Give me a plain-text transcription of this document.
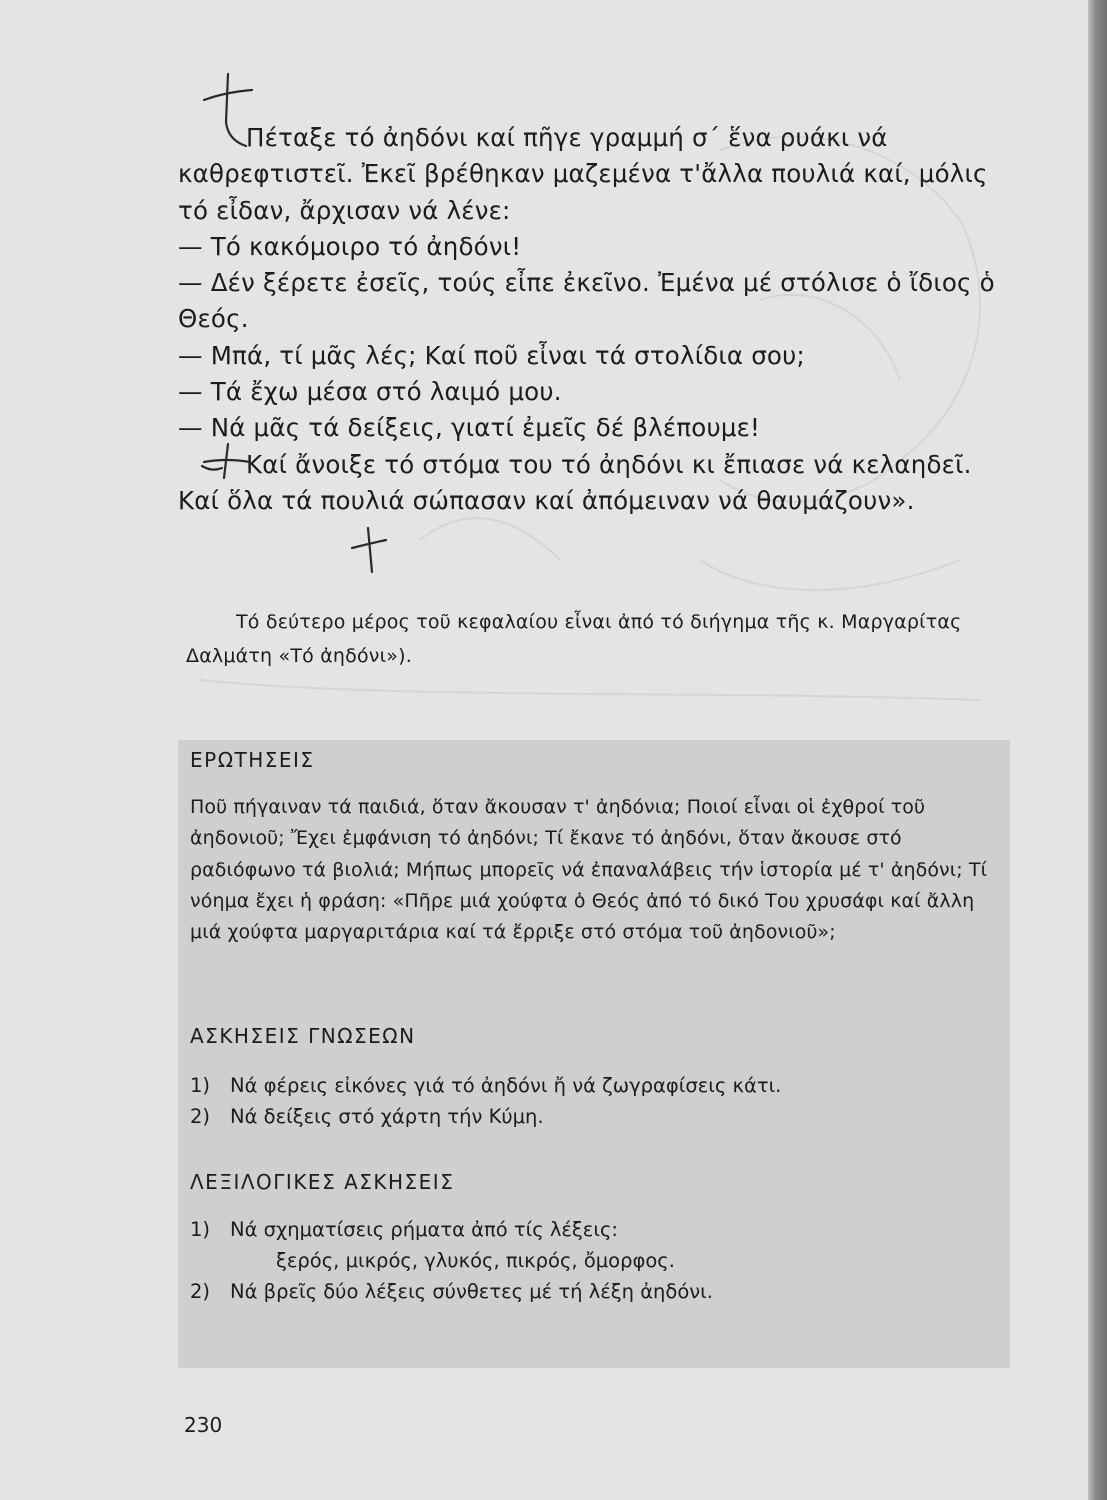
Πέταξε τό ἀηδόνι καί πῆγε γραμμή σ΄ ἕνα ρυάκι νά καθρεφτιστεῖ. Ἐκεῖ βρέθηκαν μαζεμένα τ'ἄλλα πουλιά καί, μόλις τό εἶδαν, ἄρχισαν νά λένε:

— Τό κακόμοιρο τό ἀηδόνι!

— Δέν ξέρετε ἐσεῖς, τούς εἶπε ἐκεῖνο. Ἐμένα μέ στόλισε ὁ ἴδιος ὁ Θεός.

— Μπά, τί μᾶς λές; Καί ποῦ εἶναι τά στολίδια σου;

— Τά ἔχω μέσα στό λαιμό μου.

— Νά μᾶς τά δείξεις, γιατί ἐμεῖς δέ βλέπουμε!

Καί ἄνοιξε τό στόμα του τό ἀηδόνι κι ἔπιασε νά κελαηδεῖ. Καί ὅλα τά πουλιά σώπασαν καί ἀπόμειναν νά θαυμάζουν».

Τό δεύτερο μέρος τοῦ κεφαλαίου εἶναι ἀπό τό διήγημα τῆς κ. Μαργαρίτας Δαλμάτη «Τό ἀηδόνι»).

ΕΡΩΤΗΣΕΙΣ

Ποῦ πήγαιναν τά παιδιά, ὅταν ἄκουσαν τ' ἀηδόνια; Ποιοί εἶναι οἱ ἐχθροί τοῦ ἀηδονιοῦ; Ἔχει ἐμφάνιση τό ἀηδόνι; Τί ἔκανε τό ἀηδόνι, ὅταν ἄκουσε στό ραδιόφωνο τά βιολιά; Μήπως μπορεῖς νά ἐπαναλάβεις τήν ἱστορία μέ τ' ἀηδόνι; Τί νόημα ἔχει ἡ φράση: «Πῆρε μιά χούφτα ὁ Θεός ἀπό τό δικό Του χρυσάφι καί ἄλλη μιά χούφτα μαργαριτάρια καί τά ἔρριξε στό στόμα τοῦ ἀηδονιοῦ»;

ΑΣΚΗΣΕΙΣ ΓΝΩΣΕΩΝ
1) Νά φέρεις εἰκόνες γιά τό ἀηδόνι ἤ νά ζωγραφίσεις κάτι.
2) Νά δείξεις στό χάρτη τήν Κύμη.
ΛΕΞΙΛΟΓΙΚΕΣ ΑΣΚΗΣΕΙΣ
1) Νά σχηματίσεις ρήματα ἀπό τίς λέξεις:
ξερός, μικρός, γλυκός, πικρός, ὄμορφος.
2) Νά βρεῖς δύο λέξεις σύνθετες μέ τή λέξη ἀηδόνι.
230
